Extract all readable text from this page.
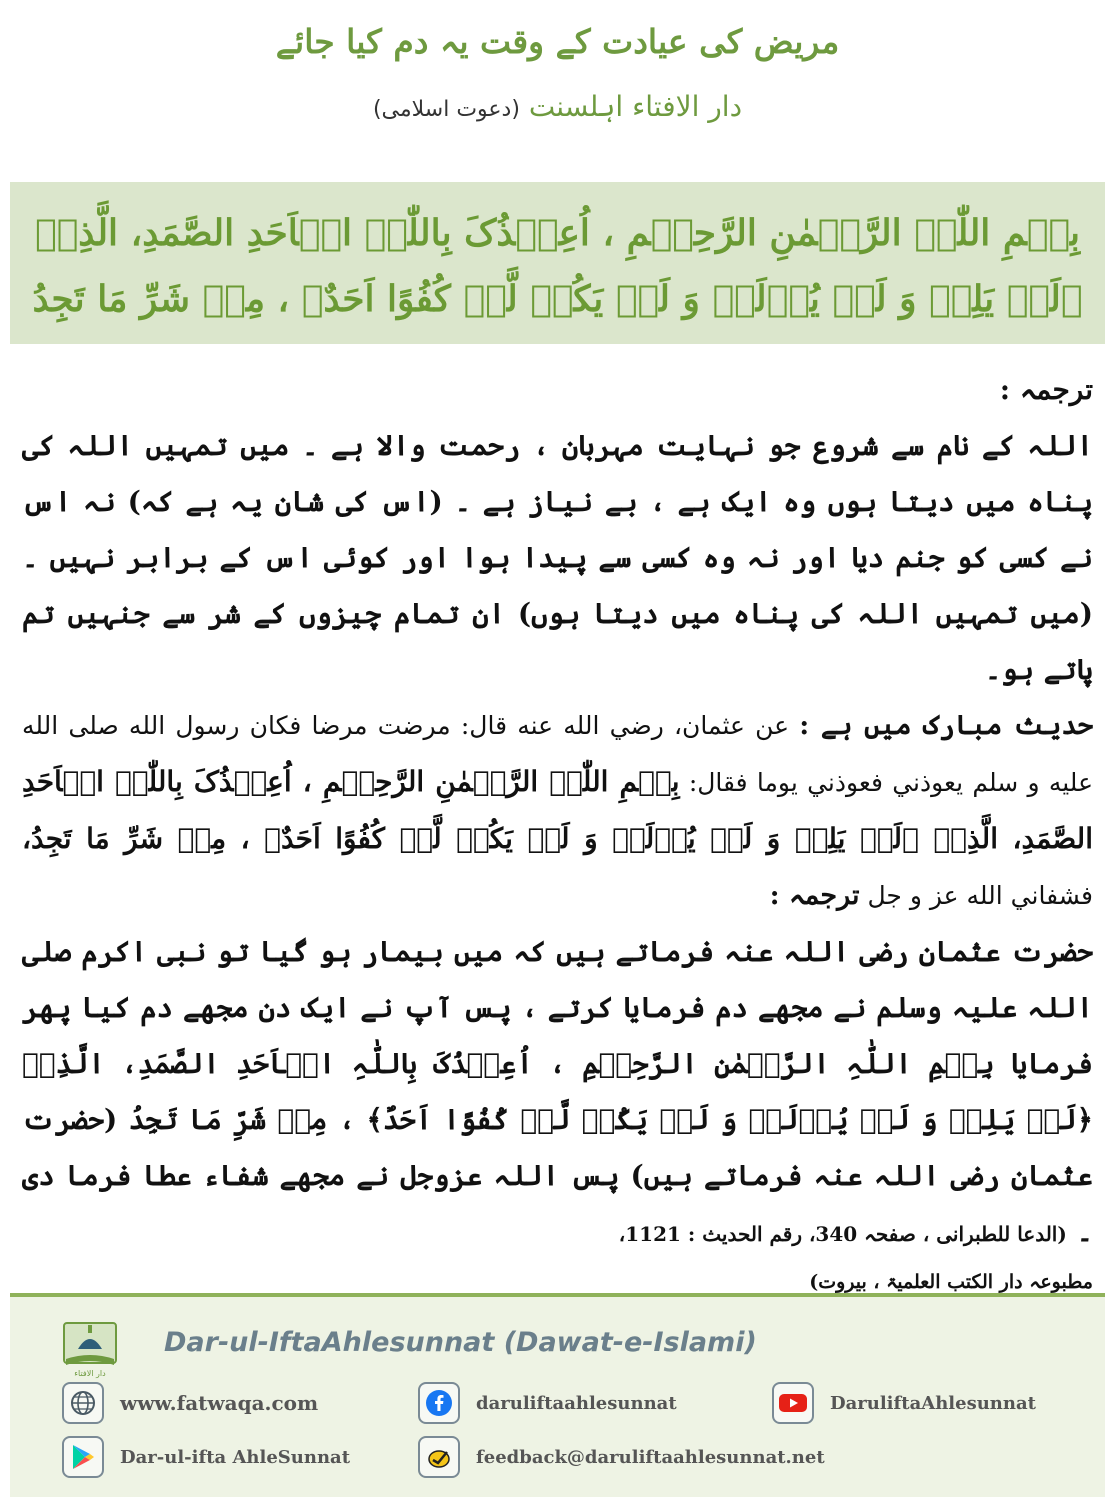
مریض کی عیادت کے وقت یہ دم کیا جائے
دار الافتاء اہلسنت (دعوت اسلامی)
بِسۡمِ اللّٰہِ الرَّحۡمٰنِ الرَّحِیۡمِ ، اُعِیۡذُکَ بِاللّٰہِ الۡاَحَدِ الصَّمَدِ، الَّذِیۡ ﴿لَمۡ یَلِدۡ وَ لَمۡ یُوۡلَدۡ وَ لَمۡ یَکُنۡ لَّہٗ کُفُوًا اَحَدٌ﴾ ، مِنۡ شَرِّ مَا تَجِدُ
ترجمہ :

اللہ کے نام سے شروع جو نہایت مہربان ، رحمت والا ہے ۔ میں تمہیں اللہ کی پناہ میں دیتا ہوں وہ ایک ہے ، بے نیاز ہے ۔ (اس کی شان یہ ہے کہ) نہ اس نے کسی کو جنم دیا اور نہ وہ کسی سے پیدا ہوا اور کوئی اس کے برابر نہیں ۔ (میں تمہیں اللہ کی پناہ میں دیتا ہوں) ان تمام چیزوں کے شر سے جنہیں تم پاتے ہو۔

حدیث مبارک میں ہے : عن عثمان، رضي الله عنه قال: مرضت مرضا فكان رسول الله صلى الله عليه و سلم يعوذني فعوذني يوما فقال: بِسۡمِ اللّٰہِ الرَّحۡمٰنِ الرَّحِیۡمِ ، اُعِیۡذُکَ بِاللّٰہِ الۡاَحَدِ الصَّمَدِ، الَّذِیۡ ﴿لَمۡ یَلِدۡ وَ لَمۡ یُوۡلَدۡ وَ لَمۡ یَکُنۡ لَّہٗ کُفُوًا اَحَدٌ﴾ ، مِنۡ شَرِّ مَا تَجِدُ، فشفاني الله عز و جل ترجمہ :

حضرت عثمان رضی اللہ عنہ فرماتے ہیں کہ میں بیمار ہو گیا تو نبی اکرم صلی اللہ علیہ وسلم نے مجھے دم فرمایا کرتے ، پس آپ نے ایک دن مجھے دم کیا پھر فرمایا بِسۡمِ اللّٰہِ الرَّحۡمٰنِ الرَّحِیۡمِ ، اُعِیۡذُکَ بِاللّٰہِ الۡاَحَدِ الصَّمَدِ، الَّذِیۡ ﴿لَمۡ یَلِدۡ وَ لَمۡ یُوۡلَدۡ وَ لَمۡ یَکُنۡ لَّہٗ کُفُوًا اَحَدٌ﴾ ، مِنۡ شَرِّ مَا تَجِدُ (حضرت عثمان رضی اللہ عنہ فرماتے ہیں) پس اللہ عزوجل نے مجھے شفاء عطا فرما دی ۔ (الدعا للطبرانی ، صفحہ 340، رقم الحدیث : 1121،

مطبوعہ دار الکتب العلمیۃ ، بیروت)

دار الافتاء
Dar-ul-IftaAhlesunnat (Dawat-e-Islami)
www.fatwaqa.com	daruliftaahlesunnat	DaruliftaAhlesunnat
Dar-ul-ifta AhleSunnat	feedback@daruliftaahlesunnat.net
